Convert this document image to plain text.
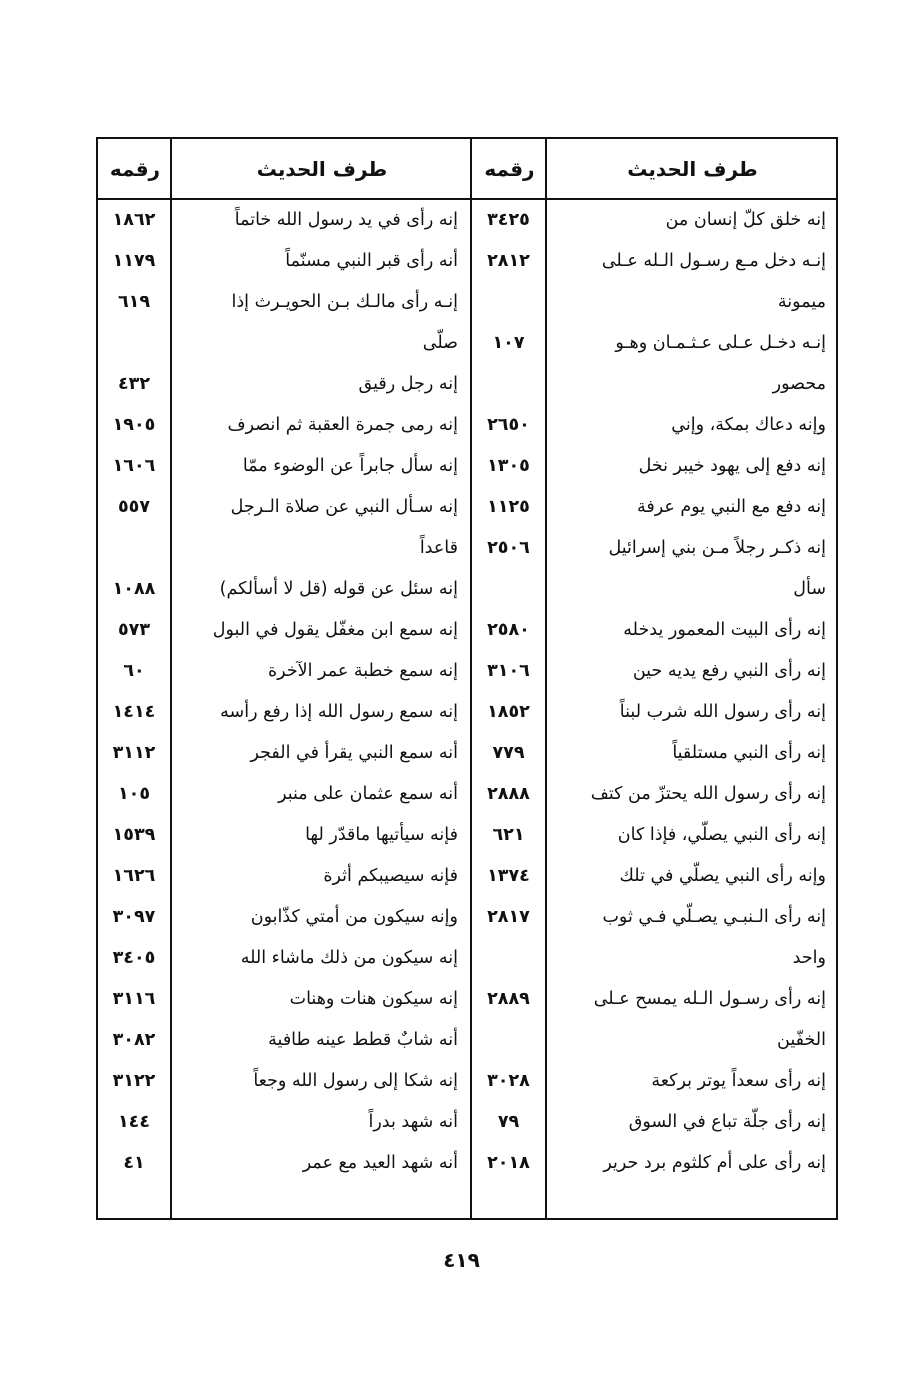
طرف الحديث
رقمه
طرف الحديث
رقمه
إنه خلق كلّ إنسان من
إنـه دخل مـع رسـول الـله عـلى
ميمونة
إنـه دخـل عـلى عـثـمـان وهـو
محصور
وإنه دعاك بمكة، وإني
إنه دفع إلى يهود خيبر نخل
إنه دفع مع النبي يوم عرفة
إنه ذكـر رجلاً مـن بني إسرائيل
سأل
إنه رأى البيت المعمور يدخله
إنه رأى النبي رفع يديه حين
إنه رأى رسول الله شرب لبناً
إنه رأى النبي مستلقياً
إنه رأى رسول الله يحتزّ من كتف
إنه رأى النبي يصلّي، فإذا كان
وإنه رأى النبي يصلّي في تلك
إنه رأى الـنبـي يصـلّي فـي ثوب
واحد
إنه رأى رسـول الـله يمسح عـلى
الخفّين
إنه رأى سعداً يوتر بركعة
إنه رأى جلّة تباع في السوق
إنه رأى على أم كلثوم برد حرير
٣٤٢٥
٢٨١٢
١٠٧
٢٦٥٠
١٣٠٥
١١٢٥
٢٥٠٦
٢٥٨٠
٣١٠٦
١٨٥٢
٧٧٩
٢٨٨٨
٦٢١
١٣٧٤
٢٨١٧
٢٨٨٩
٣٠٢٨
٧٩
٢٠١٨
إنه رأى في يد رسول الله خاتماً
أنه رأى قبر النبي مسنّماً
إنـه رأى مالـك بـن الحويـرث إذا
صلّى
إنه رجل رقيق
إنه رمى جمرة العقبة ثم انصرف
إنه سأل جابراً عن الوضوء ممّا
إنه سـأل النبي عن صلاة الـرجل
قاعداً
إنه سئل عن قوله (قل لا أسألكم)
إنه سمع ابن مغفّل يقول في البول
إنه سمع خطبة عمر الآخرة
إنه سمع رسول الله إذا رفع رأسه
أنه سمع النبي يقرأ في الفجر
أنه سمع عثمان على منبر
فإنه سيأتيها ماقدّر لها
فإنه سيصيبكم أثرة
وإنه سيكون من أمتي كذّابون
إنه سيكون من ذلك ماشاء الله
إنه سيكون هنات وهنات
أنه شابٌ قطط عينه طافية
إنه شكا إلى رسول الله وجعاً
أنه شهد بدراً
أنه شهد العيد مع عمر
١٨٦٢
١١٧٩
٦١٩
٤٣٢
١٩٠٥
١٦٠٦
٥٥٧
١٠٨٨
٥٧٣
٦٠
١٤١٤
٣١١٢
١٠٥
١٥٣٩
١٦٢٦
٣٠٩٧
٣٤٠٥
٣١١٦
٣٠٨٢
٣١٢٢
١٤٤
٤١
٤١٩
